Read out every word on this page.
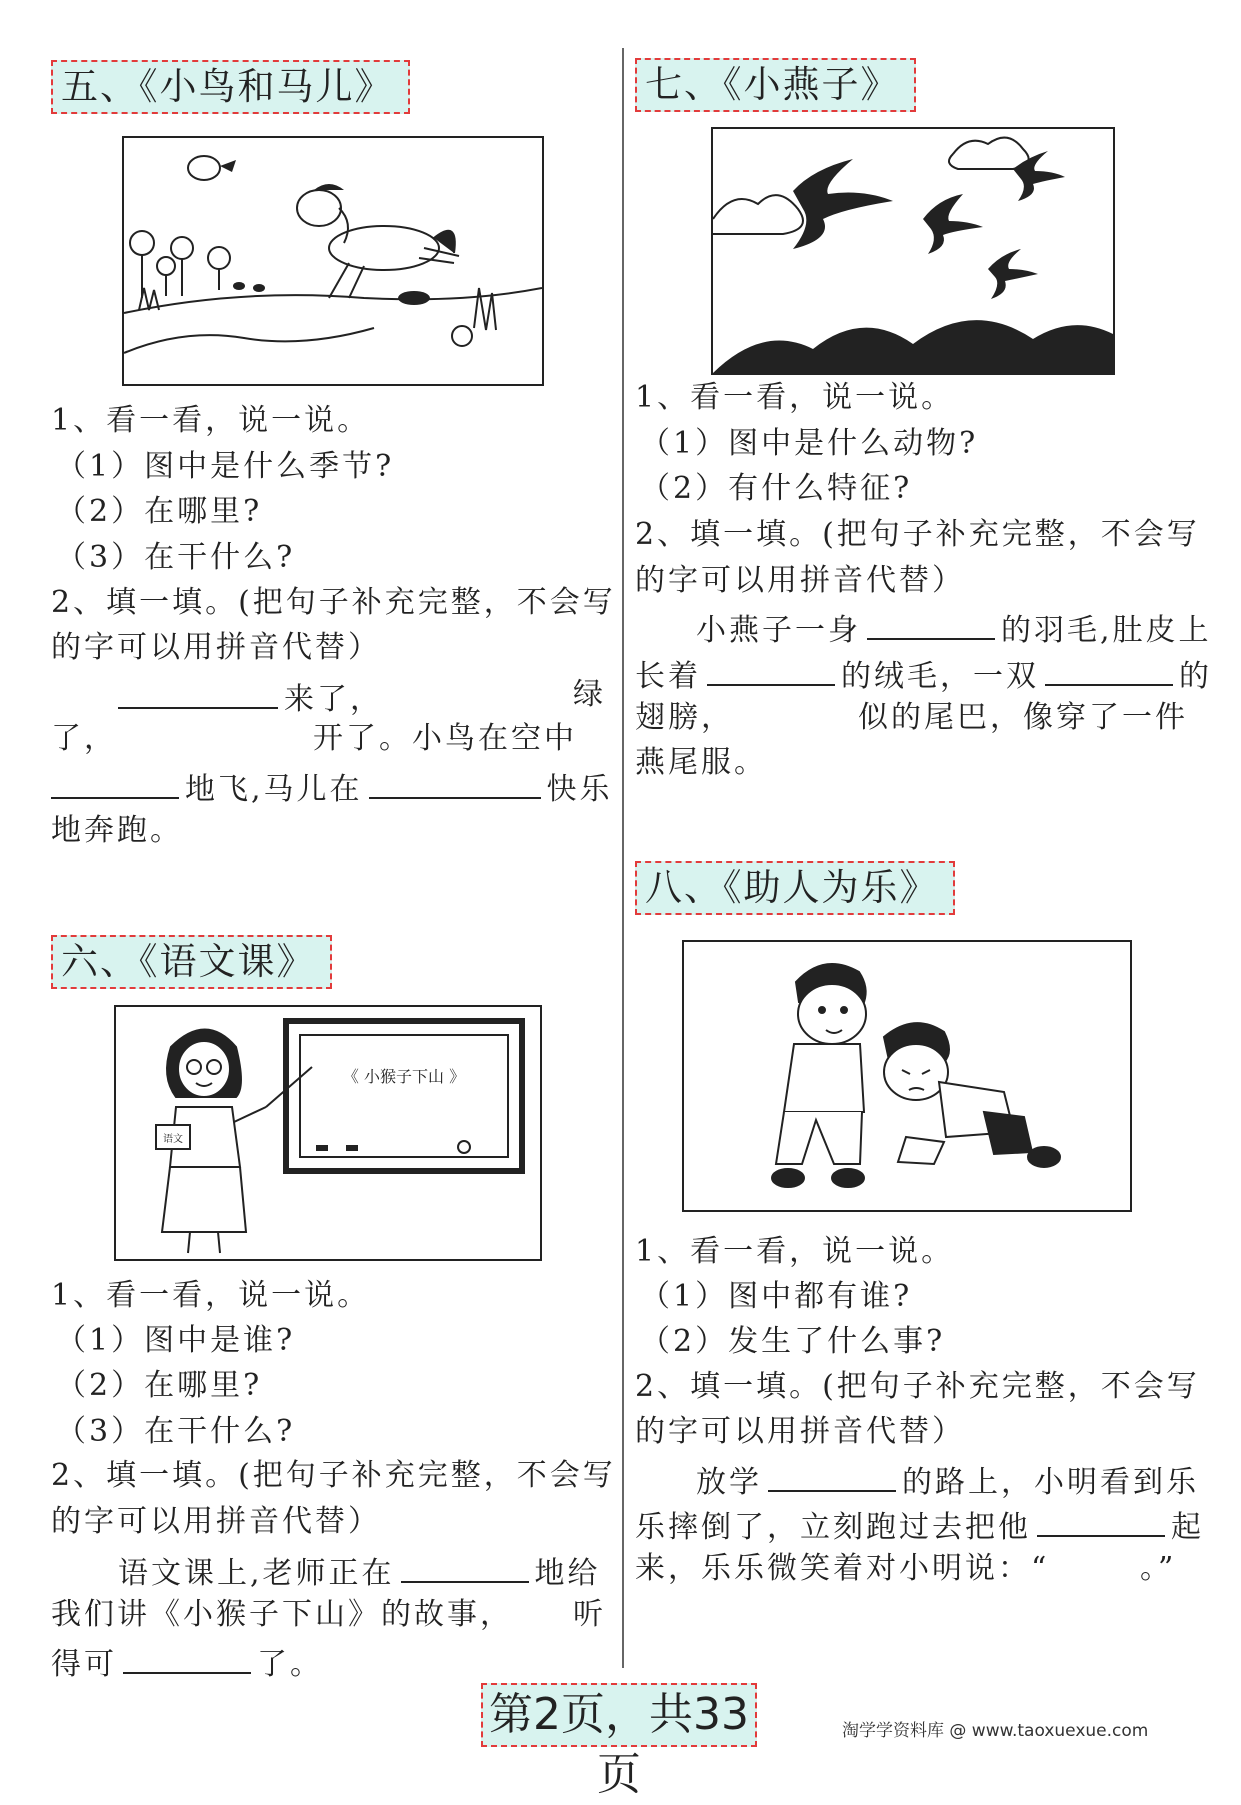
五、《小鸟和马儿》
1、看一看，说一说。
（1）图中是什么季节?
（2）在哪里?
（3）在干什么?
2、填一填。(把句子补充完整，不会写
的字可以用拼音代替）
来了，	绿
了，	开了。小鸟在空中
地飞,马儿在	快乐
地奔跑。
六、《语文课》
《 小猴子下山 》
语文
1、看一看，说一说。
（1）图中是谁?
（2）在哪里?
（3）在干什么?
2、填一填。(把句子补充完整，不会写
的字可以用拼音代替）
语文课上,老师正在	地给
我们讲《小猴子下山》的故事， 听
得可	了。
七、《小燕子》
1、看一看，说一说。
（1）图中是什么动物?
（2）有什么特征?
2、填一填。(把句子补充完整，不会写
的字可以用拼音代替）
小燕子一身	的羽毛,肚皮上
长着	的绒毛，一双	的
翅膀，	似的尾巴，像穿了一件
燕尾服。
八、《助人为乐》
1、看一看，说一说。
（1）图中都有谁?
（2）发生了什么事?
2、填一填。(把句子补充完整，不会写
的字可以用拼音代替）
放学	的路上，小明看到乐
乐摔倒了，立刻跑过去把他	起
来，乐乐微笑着对小明说：“	。”
第2页，共33页
淘学学资料库 @ www.taoxuexue.com
